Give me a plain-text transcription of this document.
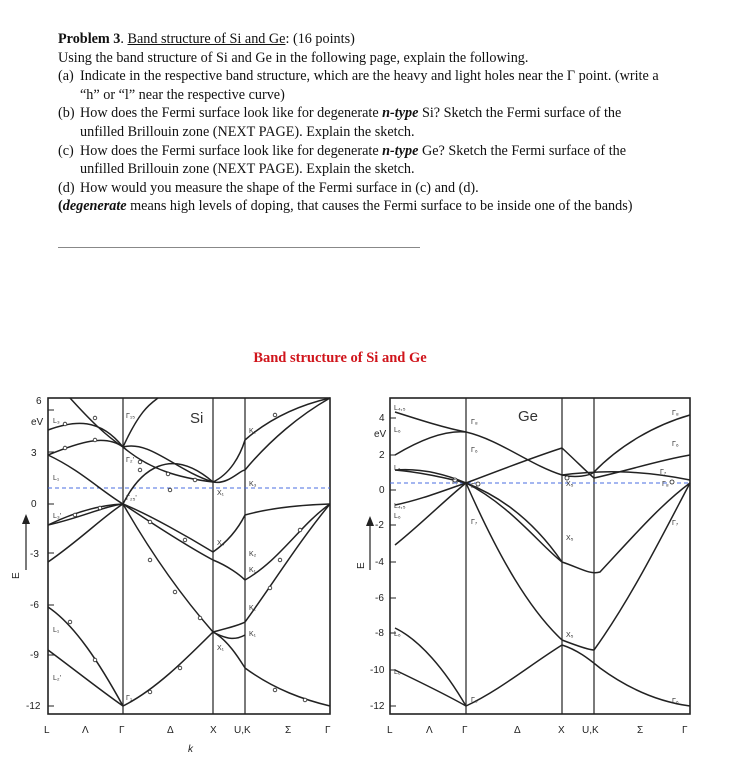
Problem 3. Band structure of Si and Ge: (16 points)

Using the band structure of Si and Ge in the following page, explain the following.

(a) Indicate in the respective band structure, which are the heavy and light holes near the Γ point. (write a “h” or “l” near the respective curve)

(b) How does the Fermi surface look like for degenerate n-type Si? Sketch the Fermi surface of the unfilled Brillouin zone (NEXT PAGE). Explain the sketch.

(c) How does the Fermi surface look like for degenerate n-type Ge? Sketch the Fermi surface of the unfilled Brillouin zone (NEXT PAGE). Explain the sketch.

(d) How would you measure the shape of the Fermi surface in (c) and (d).

(degenerate means high levels of doping, that causes the Fermi surface to be inside one of the bands)

Band structure of Si and Ge
6
3
0
-3
-6
-9
-12
eV
E
L	Λ	Γ	Δ	X U,K	Σ	Γ
k
Si
L₃
L₁
L₃'
L₁
L₂'
Γ₁₅
Γ₂'
Γ₂₅'
Γ₁
X₁
X₄
X₁
K₁
K₃
K₁
K₂
K₁
K₁
4
2
0
-2
-4
-6
-8
-10
-12
eV
E
L	Λ	Γ	Δ	X U,K	Σ	Γ
Ge
L₄,₅
L₆
L₆
L₄,₅
L₆
L₆
L₆
Γ₈
Γ₆
Γ₇
Γ₈
Γ₇
Γ₆
X₅
X₅
X₅
Γ₈
Γ₆
Γ₇
Γ₈
Γ₇
Γ₆
